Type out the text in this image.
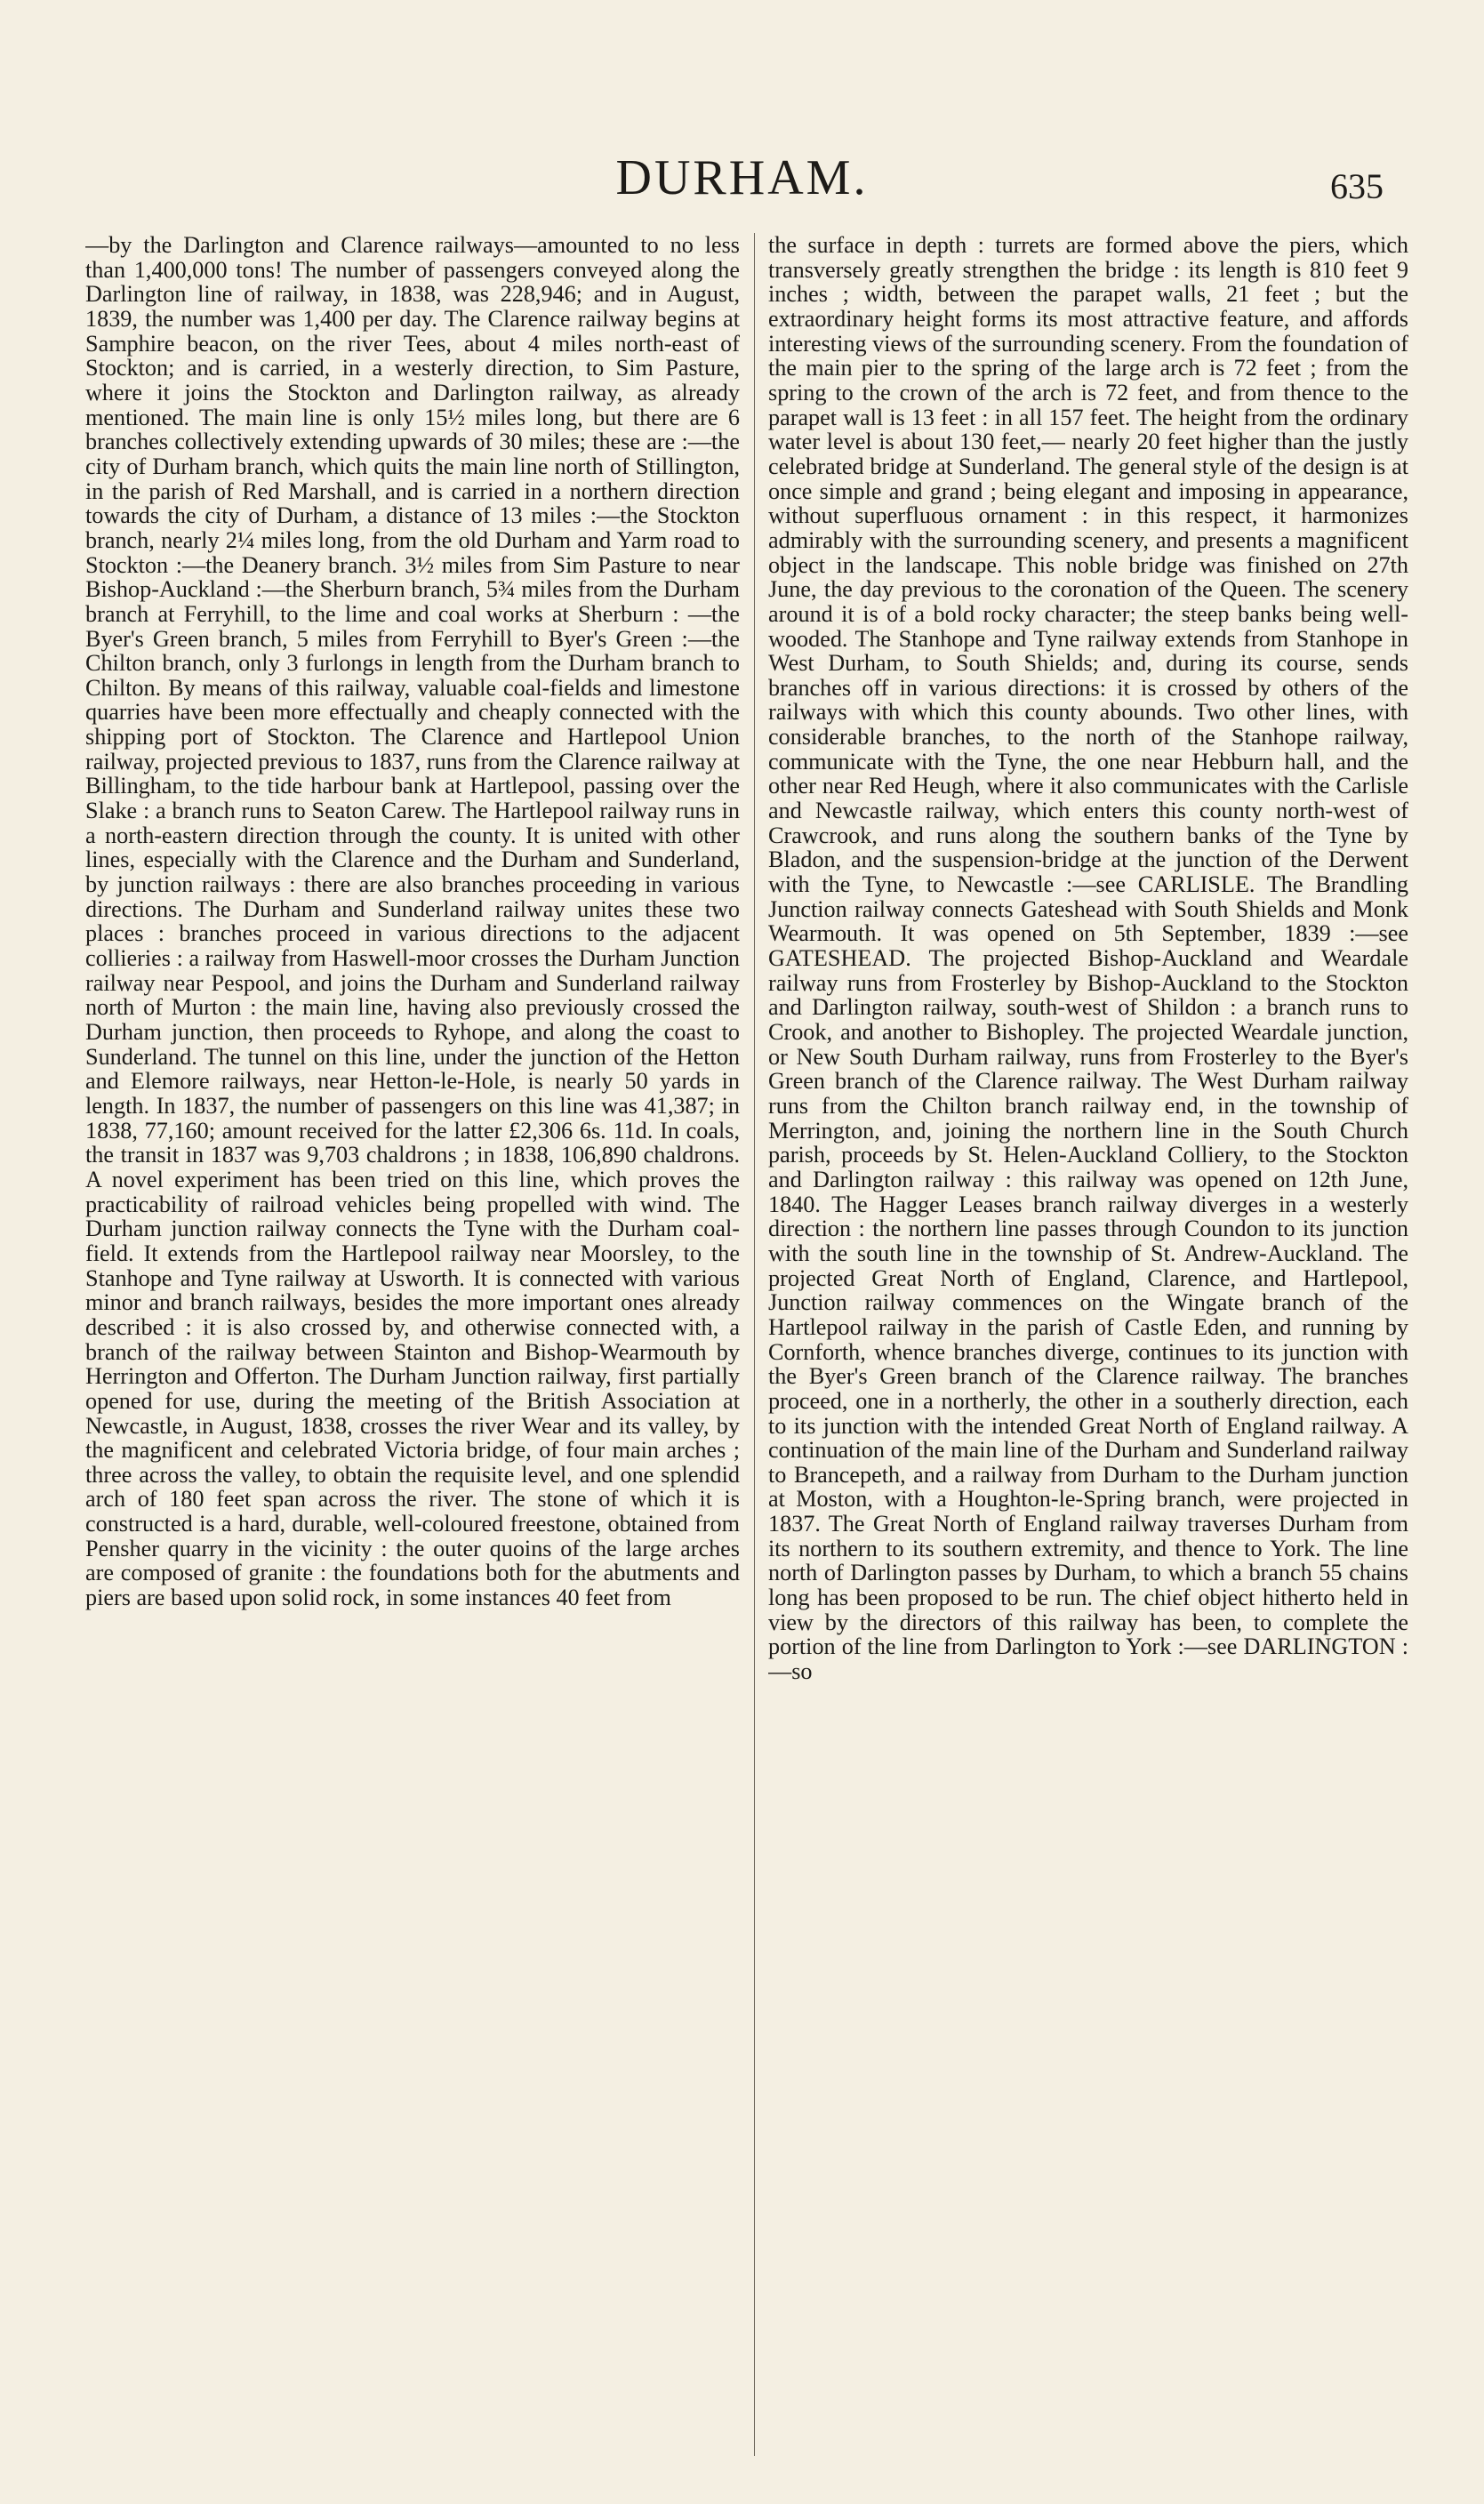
DURHAM.	635

—by the Darlington and Clarence railways—amounted to no less than 1,400,000 tons! The number of passengers conveyed along the Darlington line of railway, in 1838, was 228,946; and in August, 1839, the number was 1,400 per day. The Clarence railway begins at Samphire beacon, on the river Tees, about 4 miles north-east of Stockton; and is carried, in a westerly direction, to Sim Pasture, where it joins the Stockton and Darlington railway, as already mentioned. The main line is only 15½ miles long, but there are 6 branches collectively extending upwards of 30 miles; these are :—the city of Durham branch, which quits the main line north of Stillington, in the parish of Red Marshall, and is carried in a northern direction towards the city of Durham, a distance of 13 miles :—the Stockton branch, nearly 2¼ miles long, from the old Durham and Yarm road to Stockton :—the Deanery branch. 3½ miles from Sim Pasture to near Bishop-Auckland :—the Sherburn branch, 5¾ miles from the Durham branch at Ferryhill, to the lime and coal works at Sherburn : —the Byer's Green branch, 5 miles from Ferryhill to Byer's Green :—the Chilton branch, only 3 furlongs in length from the Durham branch to Chilton. By means of this railway, valuable coal-fields and limestone quarries have been more effectually and cheaply connected with the shipping port of Stockton. The Clarence and Hartlepool Union railway, projected previous to 1837, runs from the Clarence railway at Billingham, to the tide harbour bank at Hartlepool, passing over the Slake : a branch runs to Seaton Carew. The Hartlepool railway runs in a north-eastern direction through the county. It is united with other lines, especially with the Clarence and the Durham and Sunderland, by junction railways : there are also branches proceeding in various directions. The Durham and Sunderland railway unites these two places : branches proceed in various directions to the adjacent collieries : a railway from Haswell-moor crosses the Durham Junction railway near Pespool, and joins the Durham and Sunderland railway north of Murton : the main line, having also previously crossed the Durham junction, then proceeds to Ryhope, and along the coast to Sunderland. The tunnel on this line, under the junction of the Hetton and Elemore railways, near Hetton-le-Hole, is nearly 50 yards in length. In 1837, the number of passengers on this line was 41,387; in 1838, 77,160; amount received for the latter £2,306 6s. 11d. In coals, the transit in 1837 was 9,703 chaldrons ; in 1838, 106,890 chaldrons. A novel experiment has been tried on this line, which proves the practicability of railroad vehicles being propelled with wind. The Durham junction railway connects the Tyne with the Durham coal-field. It extends from the Hartlepool railway near Moorsley, to the Stanhope and Tyne railway at Usworth. It is connected with various minor and branch railways, besides the more important ones already described : it is also crossed by, and otherwise connected with, a branch of the railway between Stainton and Bishop-Wearmouth by Herrington and Offerton. The Durham Junction railway, first partially opened for use, during the meeting of the British Association at Newcastle, in August, 1838, crosses the river Wear and its valley, by the magnificent and celebrated Victoria bridge, of four main arches ; three across the valley, to obtain the requisite level, and one splendid arch of 180 feet span across the river. The stone of which it is constructed is a hard, durable, well-coloured freestone, obtained from Pensher quarry in the vicinity : the outer quoins of the large arches are composed of granite : the foundations both for the abutments and piers are based upon solid rock, in some instances 40 feet from

the surface in depth : turrets are formed above the piers, which transversely greatly strengthen the bridge : its length is 810 feet 9 inches ; width, between the parapet walls, 21 feet ; but the extraordinary height forms its most attractive feature, and affords interesting views of the surrounding scenery. From the foundation of the main pier to the spring of the large arch is 72 feet ; from the spring to the crown of the arch is 72 feet, and from thence to the parapet wall is 13 feet : in all 157 feet. The height from the ordinary water level is about 130 feet,— nearly 20 feet higher than the justly celebrated bridge at Sunderland. The general style of the design is at once simple and grand ; being elegant and imposing in appearance, without superfluous ornament : in this respect, it harmonizes admirably with the surrounding scenery, and presents a magnificent object in the landscape. This noble bridge was finished on 27th June, the day previous to the coronation of the Queen. The scenery around it is of a bold rocky character; the steep banks being well-wooded. The Stanhope and Tyne railway extends from Stanhope in West Durham, to South Shields; and, during its course, sends branches off in various directions: it is crossed by others of the railways with which this county abounds. Two other lines, with considerable branches, to the north of the Stanhope railway, communicate with the Tyne, the one near Hebburn hall, and the other near Red Heugh, where it also communicates with the Carlisle and Newcastle railway, which enters this county north-west of Crawcrook, and runs along the southern banks of the Tyne by Bladon, and the suspension-bridge at the junction of the Derwent with the Tyne, to Newcastle :—see CARLISLE. The Brandling Junction railway connects Gateshead with South Shields and Monk Wearmouth. It was opened on 5th September, 1839 :—see GATESHEAD. The projected Bishop-Auckland and Weardale railway runs from Frosterley by Bishop-Auckland to the Stockton and Darlington railway, south-west of Shildon : a branch runs to Crook, and another to Bishopley. The projected Weardale junction, or New South Durham railway, runs from Frosterley to the Byer's Green branch of the Clarence railway. The West Durham railway runs from the Chilton branch railway end, in the township of Merrington, and, joining the northern line in the South Church parish, proceeds by St. Helen-Auckland Colliery, to the Stockton and Darlington railway : this railway was opened on 12th June, 1840. The Hagger Leases branch railway diverges in a westerly direction : the northern line passes through Coundon to its junction with the south line in the township of St. Andrew-Auckland. The projected Great North of England, Clarence, and Hartlepool, Junction railway commences on the Wingate branch of the Hartlepool railway in the parish of Castle Eden, and running by Cornforth, whence branches diverge, continues to its junction with the Byer's Green branch of the Clarence railway. The branches proceed, one in a northerly, the other in a southerly direction, each to its junction with the intended Great North of England railway. A continuation of the main line of the Durham and Sunderland railway to Brancepeth, and a railway from Durham to the Durham junction at Moston, with a Houghton-le-Spring branch, were projected in 1837. The Great North of England railway traverses Durham from its northern to its southern extremity, and thence to York. The line north of Darlington passes by Durham, to which a branch 55 chains long has been proposed to be run. The chief object hitherto held in view by the directors of this railway has been, to complete the portion of the line from Darlington to York :—see DARLINGTON :—so
